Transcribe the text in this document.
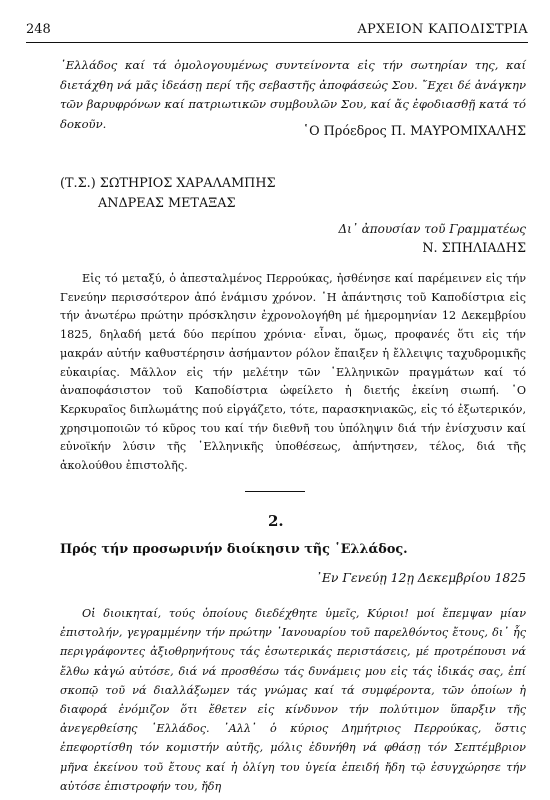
248	ΑΡΧΕΙΟΝ ΚΑΠΟΔΙΣΤΡΙΑ

῾Ελλάδος καί τά ὁμολογουμένως συντείνοντα εἰς τήν σωτηρίαν της, καί διετάχθη νά μᾶς ἰδεάσῃ περί τῆς σεβαστῆς ἀποφάσεώς Σου. ῎Εχει δέ ἀνάγκην τῶν βαρυφρόνων καί πατριωτικῶν συμβουλῶν Σου, καί ἄς ἐφοδιασθῇ κατά τό δοκοῦν.

῾Ο Πρόεδρος Π. ΜΑΥΡΟΜΙΧΑΛΗΣ

(Τ.Σ.) ΣΩΤΗΡΙΟΣ ΧΑΡΑΛΑΜΠΗΣ
ΑΝΔΡΕΑΣ ΜΕΤΑΞΑΣ
Δι᾿ ἀπουσίαν τοῦ Γραμματέως
Ν. ΣΠΗΛΙΑΔΗΣ

Εἰς τό μεταξύ, ὁ ἀπεσταλμένος Περρούκας, ἠσθένησε καί παρέμεινεν εἰς τήν Γενεύην περισσότερον ἀπό ἐνάμισυ χρόνον. ῾Η ἀπάντησις τοῦ Καποδίστρια εἰς τήν ἀνωτέρω πρώτην πρόσκλησιν ἐχρονολογήθη μέ ἡμερομηνίαν 12 Δεκεμβρίου 1825, δηλαδή μετά δύο περίπου χρόνια· εἶναι, ὅμως, προφανές ὅτι εἰς τήν μακράν αὐτήν καθυστέρησιν ἀσήμαντον ρόλον ἔπαιξεν ἡ ἔλλειψις ταχυδρομικῆς εὐκαιρίας. Μᾶλλον εἰς τήν μελέτην τῶν ῾Ελληνικῶν πραγμάτων καί τό ἀναποφάσιστον τοῦ Καποδίστρια ὠφείλετο ἡ διετής ἐκείνη σιωπή. ῾Ο Κερκυραῖος διπλωμάτης πού εἰργάζετο, τότε, παρασκηνιακῶς, εἰς τό ἐξωτερικόν, χρησιμοποιῶν τό κῦρος του καί τήν διεθνῆ του ὑπόληψιν διά τήν ἐνίσχυσιν καί εὐνοϊκήν λύσιν τῆς ῾Ελληνικῆς ὑποθέσεως, ἀπήντησεν, τέλος, διά τῆς ἀκολούθου ἐπιστολῆς.

2.
Πρός τήν προσωρινήν διοίκησιν τῆς ῾Ελλάδος.
᾿Εν Γενεύῃ 12ῃ Δεκεμβρίου 1825

Οἱ διοικηταί, τούς ὁποίους διεδέχθητε ὑμεῖς, Κύριοι! μοί ἔπεμψαν μίαν ἐπιστολήν, γεγραμμένην τήν πρώτην ᾿Ιανουαρίου τοῦ παρελθόντος ἔτους, δι᾿ ἧς περιγράφοντες ἀξιοθρηνήτους τάς ἐσωτερικάς περιστάσεις, μέ προτρέπουσι νά ἔλθω κἀγώ αὐτόσε, διά νά προσθέσω τάς δυνάμεις μου εἰς τάς ἰδικάς σας, ἐπί σκοπῷ τοῦ νά διαλλάξωμεν τάς γνώμας καί τά συμφέροντα, τῶν ὁποίων ἡ διαφορά ἐνόμιζον ὅτι ἔθετεν εἰς κίνδυνον τήν πολύτιμον ὕπαρξιν τῆς ἀνεγερθείσης ῾Ελλάδος. ᾿Αλλ᾿ ὁ κύριος Δημήτριος Περρούκας, ὅστις ἐπεφορτίσθη τόν κομιστήν αὐτῆς, μόλις ἐδυνήθη νά φθάσῃ τόν Σεπτέμβριον μῆνα ἐκείνου τοῦ ἔτους καί ἡ ὀλίγη του ὑγεία ἐπειδή ἤδη τῷ ἐσυγχώρησε τήν αὐτόσε ἐπιστροφήν του, ἤδη
